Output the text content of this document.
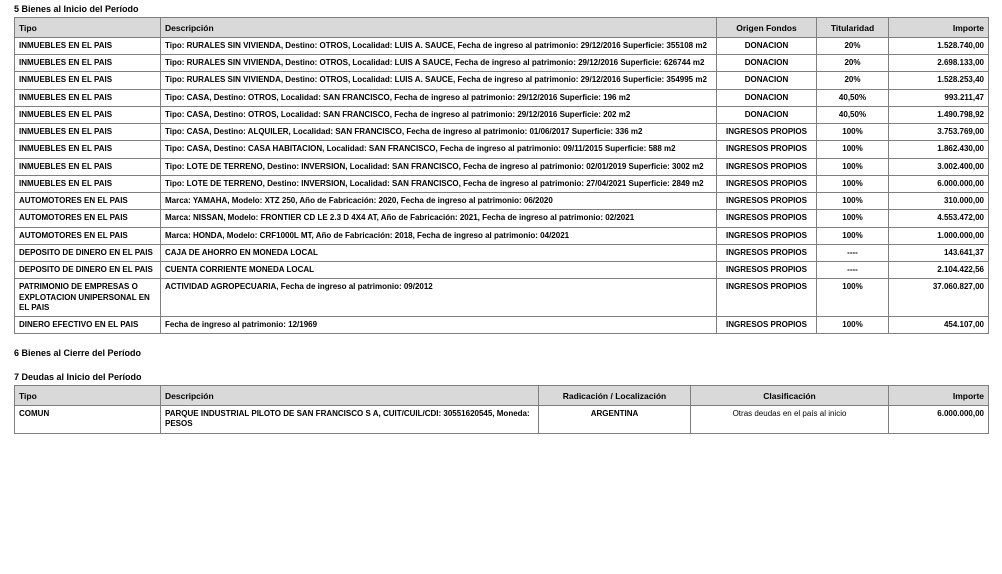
5 Bienes al Inicio del Período
Tipo	Descripción	Origen Fondos	Titularidad	Importe
INMUEBLES EN EL PAIS	Tipo: RURALES SIN VIVIENDA, Destino: OTROS, Localidad: LUIS A. SAUCE, Fecha de ingreso al patrimonio: 29/12/2016 Superficie: 355108 m2	DONACION	20%	1.528.740,00
INMUEBLES EN EL PAIS	Tipo: RURALES SIN VIVIENDA, Destino: OTROS, Localidad: LUIS A SAUCE, Fecha de ingreso al patrimonio: 29/12/2016 Superficie: 626744 m2	DONACION	20%	2.698.133,00
INMUEBLES EN EL PAIS	Tipo: RURALES SIN VIVIENDA, Destino: OTROS, Localidad: LUIS A. SAUCE, Fecha de ingreso al patrimonio: 29/12/2016 Superficie: 354995 m2	DONACION	20%	1.528.253,40
INMUEBLES EN EL PAIS	Tipo: CASA, Destino: OTROS, Localidad: SAN FRANCISCO, Fecha de ingreso al patrimonio: 29/12/2016 Superficie: 196 m2	DONACION	40,50%	993.211,47
INMUEBLES EN EL PAIS	Tipo: CASA, Destino: OTROS, Localidad: SAN FRANCISCO, Fecha de ingreso al patrimonio: 29/12/2016 Superficie: 202 m2	DONACION	40,50%	1.490.798,92
INMUEBLES EN EL PAIS	Tipo: CASA, Destino: ALQUILER, Localidad: SAN FRANCISCO, Fecha de ingreso al patrimonio: 01/06/2017 Superficie: 336 m2	INGRESOS PROPIOS	100%	3.753.769,00
INMUEBLES EN EL PAIS	Tipo: CASA, Destino: CASA HABITACION, Localidad: SAN FRANCISCO, Fecha de ingreso al patrimonio: 09/11/2015 Superficie: 588 m2	INGRESOS PROPIOS	100%	1.862.430,00
INMUEBLES EN EL PAIS	Tipo: LOTE DE TERRENO, Destino: INVERSION, Localidad: SAN FRANCISCO, Fecha de ingreso al patrimonio: 02/01/2019 Superficie: 3002 m2	INGRESOS PROPIOS	100%	3.002.400,00
INMUEBLES EN EL PAIS	Tipo: LOTE DE TERRENO, Destino: INVERSION, Localidad: SAN FRANCISCO, Fecha de ingreso al patrimonio: 27/04/2021 Superficie: 2849 m2	INGRESOS PROPIOS	100%	6.000.000,00
AUTOMOTORES EN EL PAIS	Marca: YAMAHA, Modelo: XTZ 250, Año de Fabricación: 2020, Fecha de ingreso al patrimonio: 06/2020	INGRESOS PROPIOS	100%	310.000,00
AUTOMOTORES EN EL PAIS	Marca: NISSAN, Modelo: FRONTIER CD LE 2.3 D 4X4 AT, Año de Fabricación: 2021, Fecha de ingreso al patrimonio: 02/2021	INGRESOS PROPIOS	100%	4.553.472,00
AUTOMOTORES EN EL PAIS	Marca: HONDA, Modelo: CRF1000L MT, Año de Fabricación: 2018, Fecha de ingreso al patrimonio: 04/2021	INGRESOS PROPIOS	100%	1.000.000,00
DEPOSITO DE DINERO EN EL PAIS	CAJA DE AHORRO EN MONEDA LOCAL	INGRESOS PROPIOS	----	143.641,37
DEPOSITO DE DINERO EN EL PAIS	CUENTA CORRIENTE MONEDA LOCAL	INGRESOS PROPIOS	----	2.104.422,56
PATRIMONIO DE EMPRESAS O EXPLOTACION UNIPERSONAL EN EL PAIS	ACTIVIDAD AGROPECUARIA, Fecha de ingreso al patrimonio: 09/2012	INGRESOS PROPIOS	100%	37.060.827,00
DINERO EFECTIVO EN EL PAIS	Fecha de ingreso al patrimonio: 12/1969	INGRESOS PROPIOS	100%	454.107,00
6 Bienes al Cierre del Período
7 Deudas al Inicio del Período
Tipo	Descripción	Radicación / Localización	Clasificación	Importe
COMUN	PARQUE INDUSTRIAL PILOTO DE SAN FRANCISCO S A, CUIT/CUIL/CDI: 30551620545, Moneda: PESOS	ARGENTINA	Otras deudas en el país al inicio	6.000.000,00
